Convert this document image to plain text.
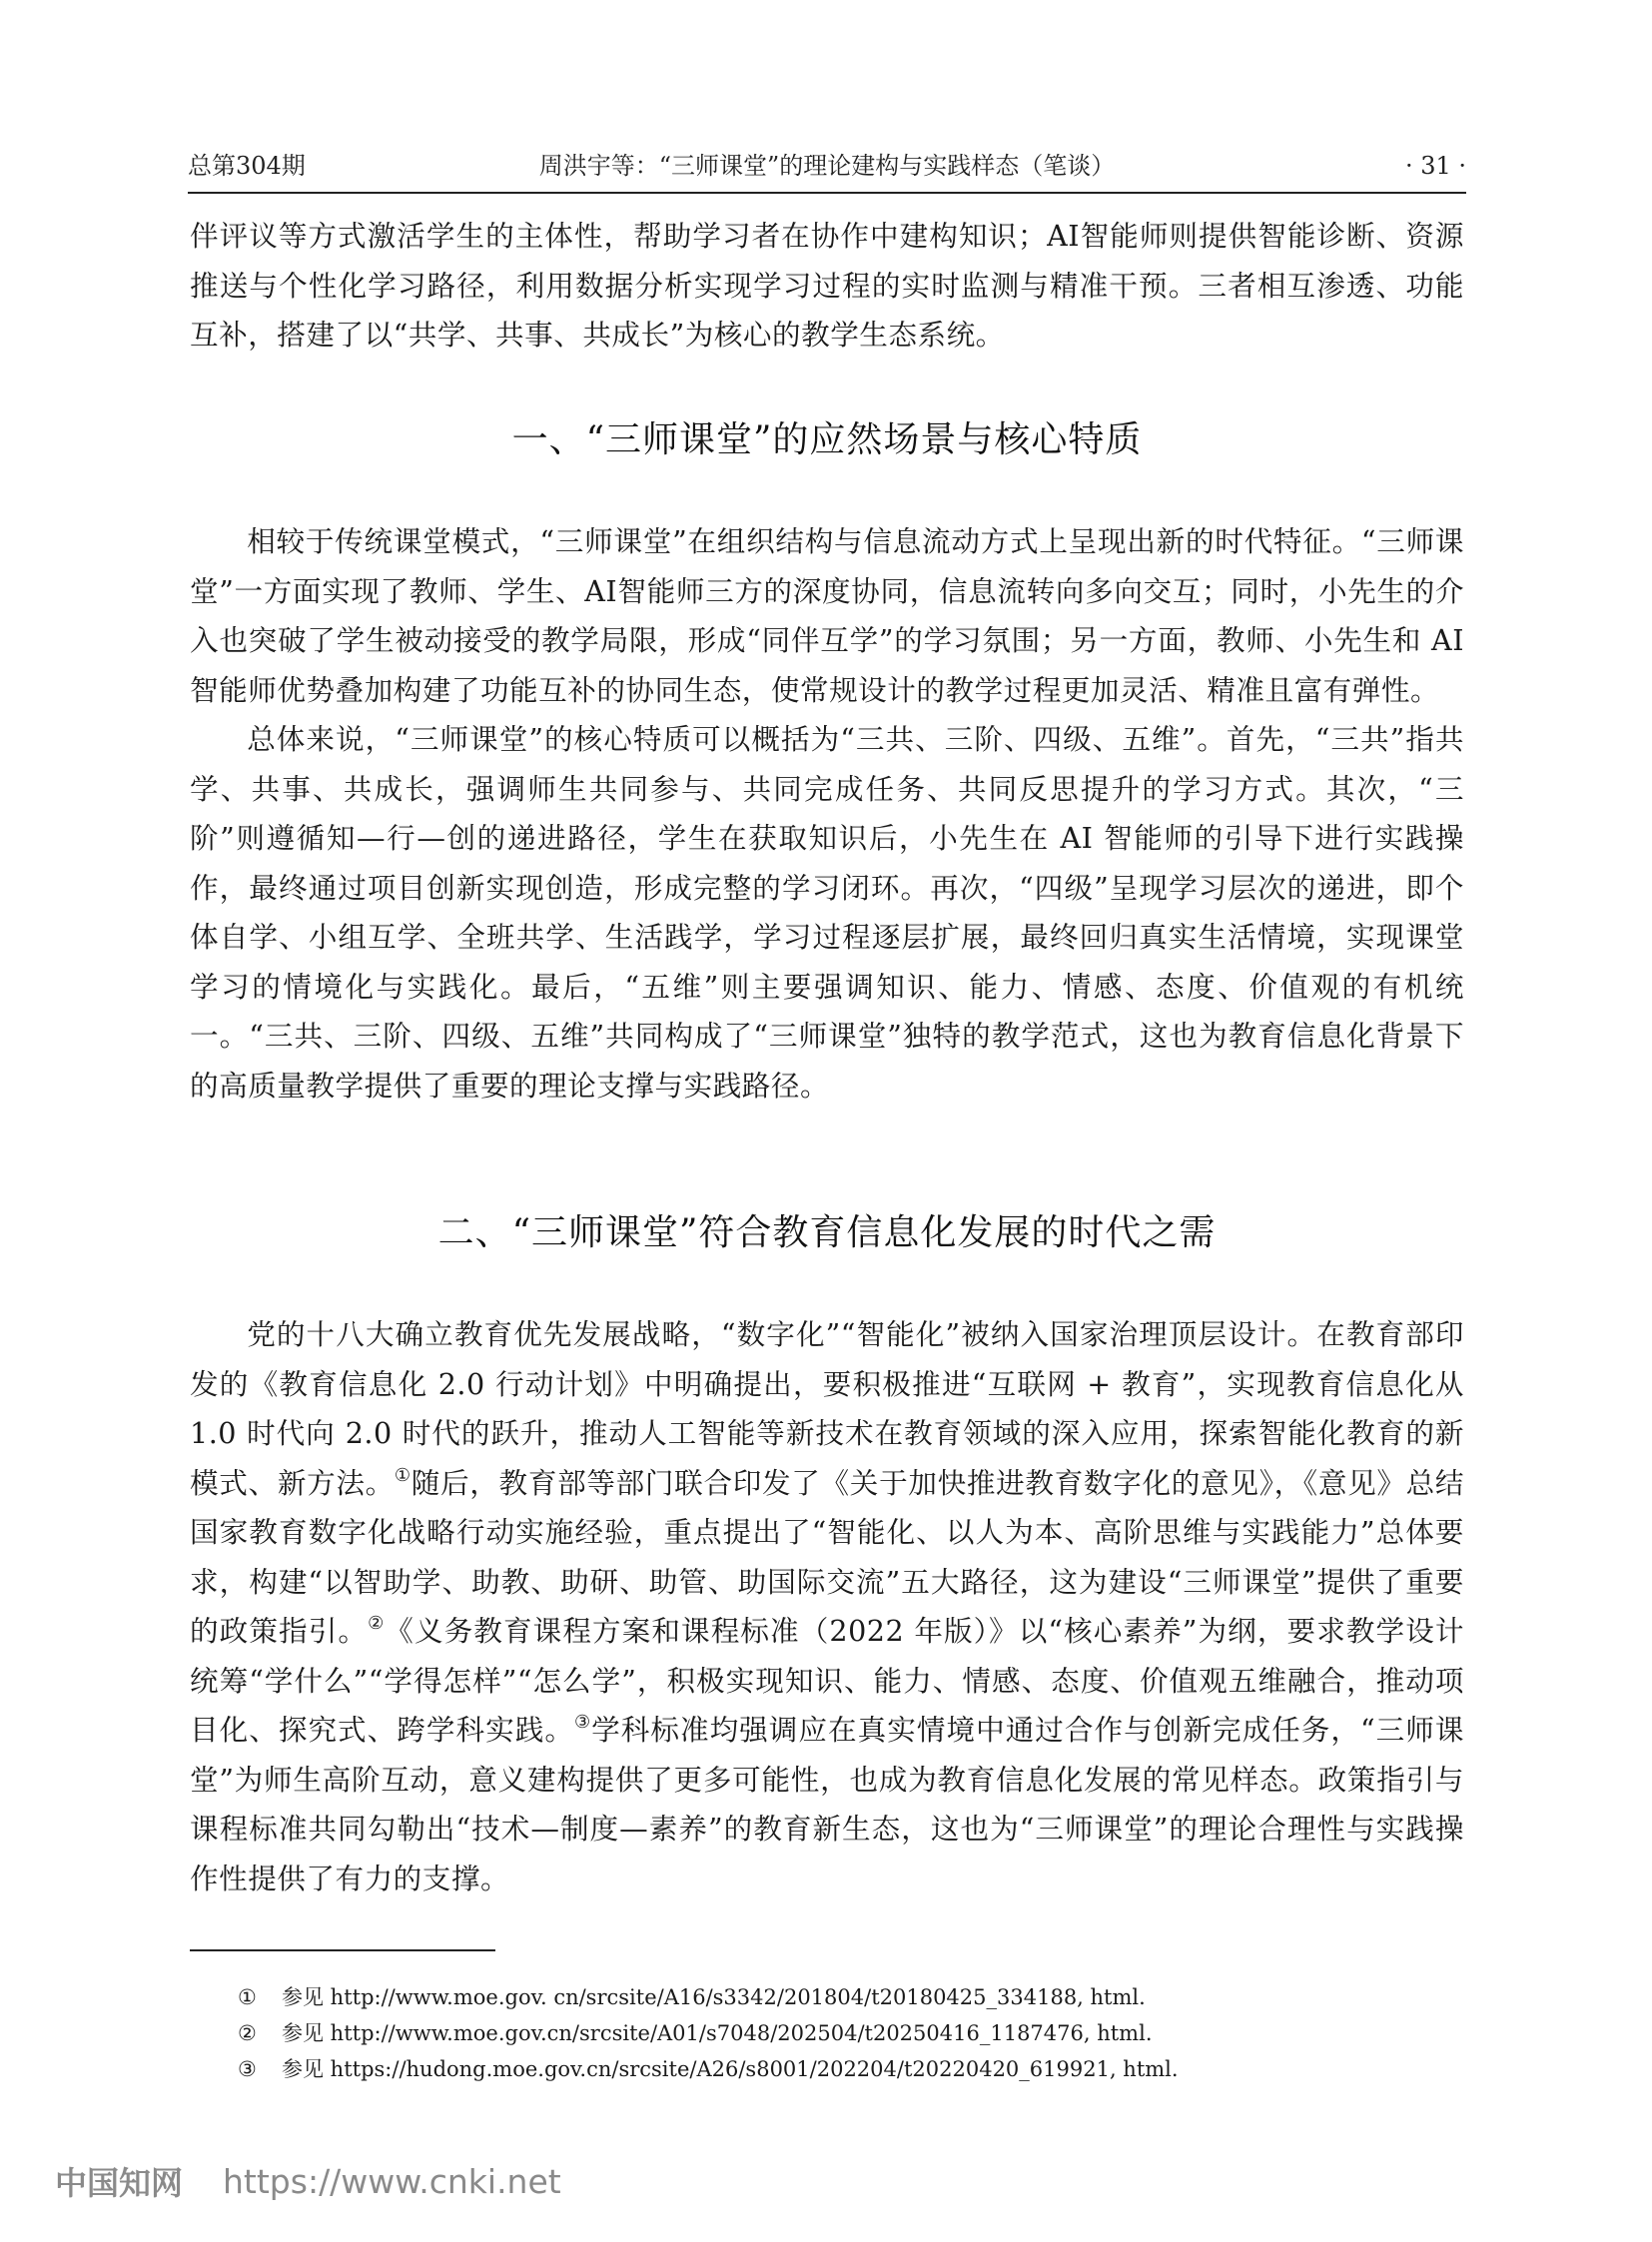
总第304期	周洪宇等：“三师课堂”的理论建构与实践样态（笔谈）	· 31 ·

伴评议等方式激活学生的主体性，帮助学习者在协作中建构知识；AI智能师则提供智能诊断、资源推送与个性化学习路径，利用数据分析实现学习过程的实时监测与精准干预。三者相互渗透、功能互补，搭建了以“共学、共事、共成长”为核心的教学生态系统。

一、“三师课堂”的应然场景与核心特质

相较于传统课堂模式，“三师课堂”在组织结构与信息流动方式上呈现出新的时代特征。“三师课堂”一方面实现了教师、学生、AI智能师三方的深度协同，信息流转向多向交互；同时，小先生的介入也突破了学生被动接受的教学局限，形成“同伴互学”的学习氛围；另一方面，教师、小先生和 AI 智能师优势叠加构建了功能互补的协同生态，使常规设计的教学过程更加灵活、精准且富有弹性。

总体来说，“三师课堂”的核心特质可以概括为“三共、三阶、四级、五维”。首先，“三共”指共学、共事、共成长，强调师生共同参与、共同完成任务、共同反思提升的学习方式。其次，“三阶”则遵循知—行—创的递进路径，学生在获取知识后，小先生在 AI 智能师的引导下进行实践操作，最终通过项目创新实现创造，形成完整的学习闭环。再次，“四级”呈现学习层次的递进，即个体自学、小组互学、全班共学、生活践学，学习过程逐层扩展，最终回归真实生活情境，实现课堂学习的情境化与实践化。最后，“五维”则主要强调知识、能力、情感、态度、价值观的有机统一。“三共、三阶、四级、五维”共同构成了“三师课堂”独特的教学范式，这也为教育信息化背景下的高质量教学提供了重要的理论支撑与实践路径。

二、“三师课堂”符合教育信息化发展的时代之需

党的十八大确立教育优先发展战略，“数字化”“智能化”被纳入国家治理顶层设计。在教育部印发的《教育信息化 2.0 行动计划》中明确提出，要积极推进“互联网 + 教育”，实现教育信息化从 1.0 时代向 2.0 时代的跃升，推动人工智能等新技术在教育领域的深入应用，探索智能化教育的新模式、新方法。①随后，教育部等部门联合印发了《关于加快推进教育数字化的意见》，《意见》总结国家教育数字化战略行动实施经验，重点提出了“智能化、以人为本、高阶思维与实践能力”总体要求，构建“以智助学、助教、助研、助管、助国际交流”五大路径，这为建设“三师课堂”提供了重要的政策指引。②《义务教育课程方案和课程标准（2022 年版）》以“核心素养”为纲，要求教学设计统筹“学什么”“学得怎样”“怎么学”，积极实现知识、能力、情感、态度、价值观五维融合，推动项目化、探究式、跨学科实践。③学科标准均强调应在真实情境中通过合作与创新完成任务，“三师课堂”为师生高阶互动，意义建构提供了更多可能性，也成为教育信息化发展的常见样态。政策指引与课程标准共同勾勒出“技术—制度—素养”的教育新生态，这也为“三师课堂”的理论合理性与实践操作性提供了有力的支撑。

①	参见 http://www.moe.gov. cn/srcsite/A16/s3342/201804/t20180425_334188, html.
②	参见 http://www.moe.gov.cn/srcsite/A01/s7048/202504/t20250416_1187476, html.
③	参见 https://hudong.moe.gov.cn/srcsite/A26/s8001/202204/t20220420_619921, html.
中国知网 https://www.cnki.net
